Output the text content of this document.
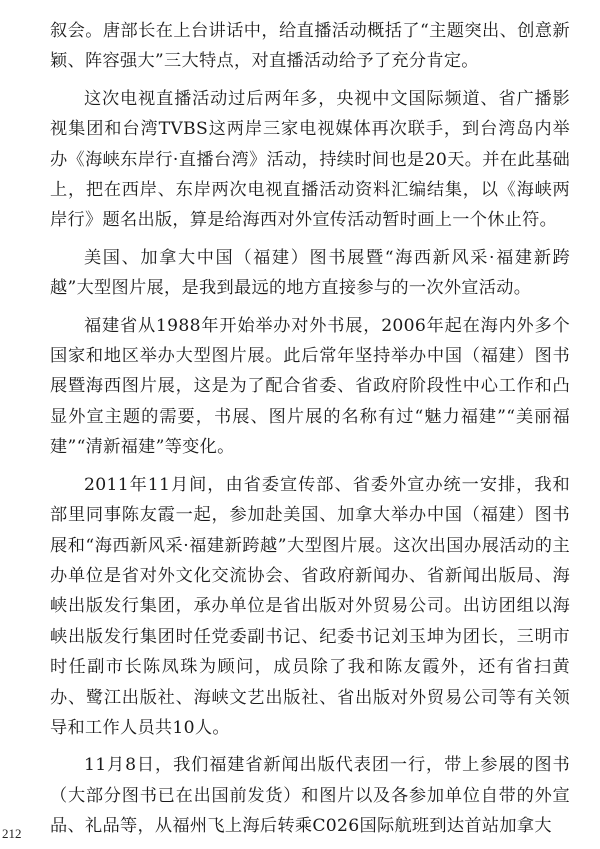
叙会。唐部长在上台讲话中，给直播活动概括了“主题突出、创意新颖、阵容强大”三大特点，对直播活动给予了充分肯定。

这次电视直播活动过后两年多，央视中文国际频道、省广播影视集团和台湾TVBS这两岸三家电视媒体再次联手，到台湾岛内举办《海峡东岸行·直播台湾》活动，持续时间也是20天。并在此基础上，把在西岸、东岸两次电视直播活动资料汇编结集，以《海峡两岸行》题名出版，算是给海西对外宣传活动暂时画上一个休止符。

美国、加拿大中国（福建）图书展暨“海西新风采·福建新跨越”大型图片展，是我到最远的地方直接参与的一次外宣活动。

福建省从1988年开始举办对外书展，2006年起在海内外多个国家和地区举办大型图片展。此后常年坚持举办中国（福建）图书展暨海西图片展，这是为了配合省委、省政府阶段性中心工作和凸显外宣主题的需要，书展、图片展的名称有过“魅力福建”“美丽福建”“清新福建”等变化。

2011年11月间，由省委宣传部、省委外宣办统一安排，我和部里同事陈友霞一起，参加赴美国、加拿大举办中国（福建）图书展和“海西新风采·福建新跨越”大型图片展。这次出国办展活动的主办单位是省对外文化交流协会、省政府新闻办、省新闻出版局、海峡出版发行集团，承办单位是省出版对外贸易公司。出访团组以海峡出版发行集团时任党委副书记、纪委书记刘玉坤为团长，三明市时任副市长陈凤珠为顾问，成员除了我和陈友霞外，还有省扫黄办、鹭江出版社、海峡文艺出版社、省出版对外贸易公司等有关领导和工作人员共10人。

11月8日，我们福建省新闻出版代表团一行，带上参展的图书（大部分图书已在出国前发货）和图片以及各参加单位自带的外宣品、礼品等，从福州飞上海后转乘C026国际航班到达首站加拿大

212
